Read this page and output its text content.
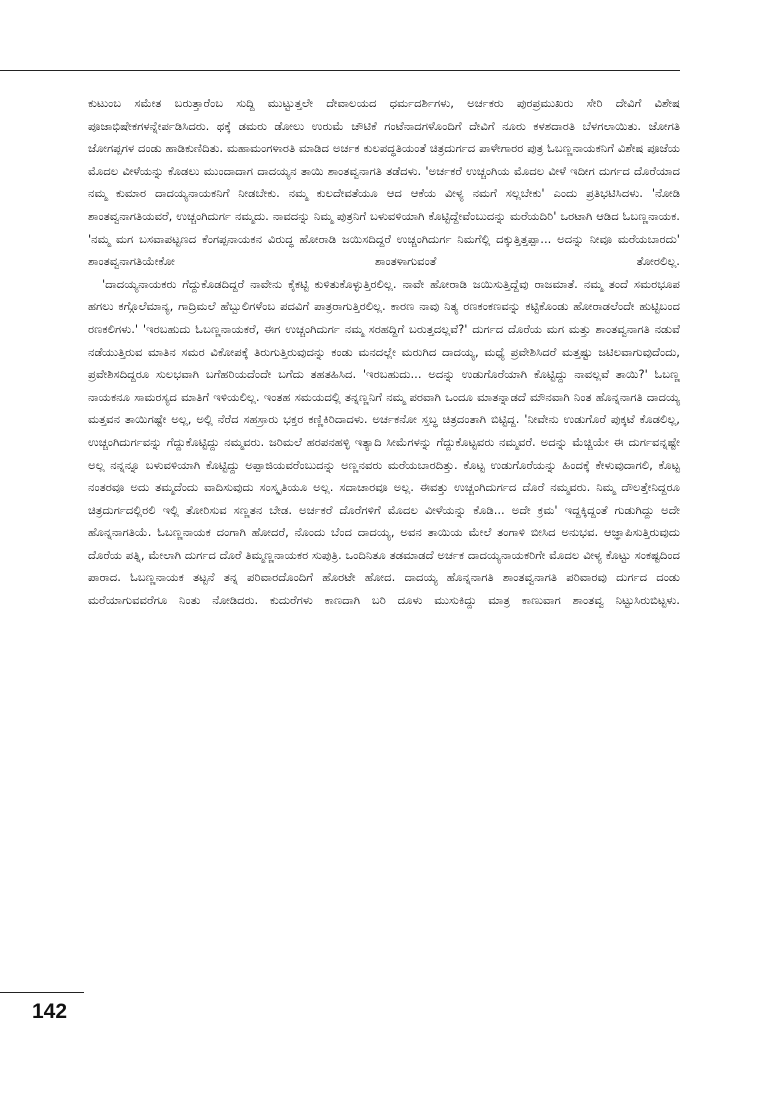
ಕುಟುಂಬ ಸಮೇತ ಬರುತ್ತಾರೆಂಬ ಸುದ್ದಿ ಮುಟ್ಟುತ್ತಲೇ ದೇವಾಲಯದ ಧರ್ಮದರ್ಶಿಗಳು, ಅರ್ಚಕರು ಪುರಪ್ರಮುಖರು ಸೇರಿ ದೇವಿಗೆ ವಿಶೇಷ ಪೂಜಾಭಿಷೇಕಗಳನ್ನೇರ್ಪಡಿಸಿದರು. ಥಕ್ಕೆ ಡಮರು ಡೋಲು ಉರುಮೆ ಚೌಟಿಕೆ ಗಂಟೆನಾದಗಳೊಂದಿಗೆ ದೇವಿಗೆ ನೂರು ಕಳಶದಾರತಿ ಬೆಳಗಲಾಯಿತು. ಜೋಗತಿ ಜೋಗಪ್ಪಗಳ ದಂಡು ಹಾಡಿಕುಣಿದಿತು. ಮಹಾಮಂಗಳಾರತಿ ಮಾಡಿದ ಅರ್ಚಕ ಕುಲಪದ್ಧತಿಯಂತೆ ಚಿತ್ರದುರ್ಗದ ಪಾಳೇಗಾರರ ಪುತ್ರ ಓಬಣ್ಣನಾಯಕನಿಗೆ ವಿಶೇಷ ಪೂಜೆಯ ಮೊದಲ ವೀಳೆಯನ್ನು ಕೊಡಲು ಮುಂದಾದಾಗ ದಾದಯ್ಯನ ತಾಯಿ ಶಾಂತವ್ವನಾಗತಿ ತಡೆದಳು. 'ಅರ್ಚಕರೆ ಉಚ್ಚಂಗಿಯ ಮೊದಲ ವೀಳೆ ಇದೀಗ ದುರ್ಗದ ದೊರೆಯಾದ ನಮ್ಮ ಕುಮಾರ ದಾದಯ್ಯನಾಯಕನಿಗೆ ನೀಡಬೇಕು. ನಮ್ಮ ಕುಲದೇವತೆಯೂ ಆದ ಆಕೆಯ ವೀಳ್ಯ ನಮಗೆ ಸಲ್ಲಬೇಕು' ಎಂದು ಪ್ರತಿಭಟಿಸಿದಳು. 'ನೋಡಿ ಶಾಂತವ್ವನಾಗತಿಯವರೆ, ಉಚ್ಚಂಗಿದುರ್ಗ ನಮ್ಮದು. ನಾವದನ್ನು ನಿಮ್ಮ ಪುತ್ರನಿಗೆ ಬಳುವಳಿಯಾಗಿ ಕೊಟ್ಟಿದ್ದೇವೆಂಬುದನ್ನು ಮರೆಯದಿರಿ' ಒರಟಾಗಿ ಆಡಿದ ಓಬಣ್ಣನಾಯಕ. 'ನಮ್ಮ ಮಗ ಬಸವಾಪಟ್ಟಣದ ಕೆಂಗಪ್ಪನಾಯಕನ ವಿರುದ್ಧ ಹೋರಾಡಿ ಜಯಿಸದಿದ್ದರೆ ಉಚ್ಚಂಗಿದುರ್ಗ ನಿಮಗೆಲ್ಲಿ ದಕ್ಕುತ್ತಿತ್ತಪ್ಪಾ... ಅದನ್ನು ನೀವೂ ಮರೆಯಬಾರದು' ಶಾಂತವ್ವನಾಗತಿಯೇಕೋ ಶಾಂತಳಾಗುವಂತೆ ತೋರಲಿಲ್ಲ.

'ದಾದಯ್ಯನಾಯಕರು ಗೆದ್ದುಕೊಡದಿದ್ದರೆ ನಾವೇನು ಕೈಕಟ್ಟಿ ಕುಳಿತುಕೊಳ್ಳುತ್ತಿರಲಿಲ್ಲ. ನಾವೇ ಹೋರಾಡಿ ಜಯಿಸುತ್ತಿದ್ದೆವು ರಾಜಮಾತೆ. ನಮ್ಮ ತಂದೆ ಸಮರಭೂಪ ಹಗಲು ಕಗ್ಗೊಲೆಮಾನ್ಯ, ಗಾದ್ರಿಮಲೆ ಹೆಬ್ಬುಲಿಗಳೆಂಬ ಪದವಿಗೆ ಪಾತ್ರರಾಗುತ್ತಿರಲಿಲ್ಲ. ಕಾರಣ ನಾವು ನಿತ್ಯ ರಣಕಂಕಣವನ್ನು ಕಟ್ಟಿಕೊಂಡು ಹೋರಾಡಲೆಂದೇ ಹುಟ್ಟಿಬಂದ ರಣಕಲಿಗಳು.' 'ಇರಬಹುದು ಓಬಣ್ಣನಾಯಕರೆ, ಈಗ ಉಚ್ಚಂಗಿದುರ್ಗ ನಮ್ಮ ಸರಹದ್ದಿಗೆ ಬರುತ್ತದಲ್ಲವೆ?' ದುರ್ಗದ ದೊರೆಯ ಮಗ ಮತ್ತು ಶಾಂತವ್ವನಾಗತಿ ನಡುವೆ ನಡೆಯುತ್ತಿರುವ ಮಾತಿನ ಸಮರ ವಿಕೋಪಕ್ಕೆ ತಿರುಗುತ್ತಿರುವುದನ್ನು ಕಂಡು ಮನದಲ್ಲೇ ಮರುಗಿದ ದಾದಯ್ಯ, ಮಧ್ಯೆ ಪ್ರವೇಶಿಸಿದರೆ ಮತ್ತಷ್ಟು ಜಟಿಲವಾಗುವುದೆಂದು, ಪ್ರವೇಶಿಸದಿದ್ದರೂ ಸುಲಭವಾಗಿ ಬಗೆಹರಿಯದೆಂದೇ ಬಗೆದು ತಹತಹಿಸಿದ. 'ಇರಬಹುದು... ಅದನ್ನು ಉಡುಗೊರೆಯಾಗಿ ಕೊಟ್ಟಿದ್ದು ನಾವಲ್ಲವೆ ತಾಯಿ?' ಓಬಣ್ಣ ನಾಯಕನೂ ಸಾಮರಸ್ಯದ ಮಾತಿಗೆ ಇಳಿಯಲಿಲ್ಲ. ಇಂತಹ ಸಮಯದಲ್ಲಿ ತನ್ನಣ್ಣನಿಗೆ ನಮ್ಮ ಪರವಾಗಿ ಒಂದೂ ಮಾತನ್ನಾಡದೆ ಮೌನವಾಗಿ ನಿಂತ ಹೊನ್ನನಾಗತಿ ದಾದಯ್ಯ ಮತ್ತವನ ತಾಯಿಗಷ್ಟೇ ಅಲ್ಲ, ಅಲ್ಲಿ ನೆರೆದ ಸಹಸ್ರಾರು ಭಕ್ತರ ಕಣ್ಣಿಕಿರಿದಾದಳು. ಅರ್ಚಕನೋ ಸ್ತಬ್ಧ ಚಿತ್ರದಂತಾಗಿ ಬಿಟ್ಟಿದ್ದ. 'ನೀವೇನು ಉಡುಗೊರೆ ಪುಕ್ಕಟೆ ಕೊಡಲಿಲ್ಲ, ಉಚ್ಚಂಗಿದುರ್ಗವನ್ನು ಗೆದ್ದುಕೊಟ್ಟಿದ್ದು ನಮ್ಮವರು. ಜರಿಮಲೆ ಹರಪನಹಳ್ಳಿ ಇತ್ಯಾದಿ ಸೀಮೆಗಳನ್ನು ಗೆದ್ದುಕೊಟ್ಟವರು ನಮ್ಮವರೆ. ಅದನ್ನು ಮೆಚ್ಚಿಯೇ ಈ ದುರ್ಗವನ್ನಷ್ಟೇ ಅಲ್ಲ ನನ್ನನ್ನೂ ಬಳುವಳಿಯಾಗಿ ಕೊಟ್ಟಿದ್ದು ಅಪ್ಪಾಜಿಯವರೆಂಬುದನ್ನು ಅಣ್ಣನವರು ಮರೆಯಬಾರದಿತ್ತು. ಕೊಟ್ಟ ಉಡುಗೊರೆಯನ್ನು ಹಿಂದಕ್ಕೆ ಕೇಳುವುದಾಗಲಿ, ಕೊಟ್ಟ ನಂತರವೂ ಅದು ತಮ್ಮದೆಂದು ವಾದಿಸುವುದು ಸಂಸ್ಕೃತಿಯೂ ಅಲ್ಲ. ಸದಾಚಾರವೂ ಅಲ್ಲ. ಈವತ್ತು ಉಚ್ಚಂಗಿದುರ್ಗದ ದೊರೆ ನಮ್ಮವರು. ನಿಮ್ಮ ದೌಲತ್ತೇನಿದ್ದರೂ ಚಿತ್ರದುರ್ಗದಲ್ಲಿರಲಿ ಇಲ್ಲಿ ತೋರಿಸುವ ಸಣ್ಣತನ ಬೇಡ. ಅರ್ಚಕರೆ ದೊರೆಗಳಿಗೆ ಮೊದಲ ವೀಳೆಯನ್ನು ಕೊಡಿ... ಅದೇ ಕ್ರಮ' ಇದ್ದಕ್ಕಿದ್ದಂತೆ ಗುಡುಗಿದ್ದು ಅದೇ ಹೊನ್ನನಾಗತಿಯೆ. ಓಬಣ್ಣನಾಯಕ ದಂಗಾಗಿ ಹೋದರೆ, ನೊಂದು ಬೆಂದ ದಾದಯ್ಯ, ಅವನ ತಾಯಿಯ ಮೇಲೆ ತಂಗಾಳಿ ಬೀಸಿದ ಅನುಭವ. ಆಜ್ಞಾಪಿಸುತ್ತಿರುವುದು ದೊರೆಯ ಪತ್ನಿ, ಮೇಲಾಗಿ ದುರ್ಗದ ದೊರೆ ತಿಮ್ಮಣ್ಣನಾಯಕರ ಸುಪುತ್ರಿ. ಒಂದಿನಿತೂ ತಡಮಾಡದೆ ಅರ್ಚಕ ದಾದಯ್ಯನಾಯಕರಿಗೇ ಮೊದಲ ವೀಳ್ಯ ಕೊಟ್ಟು ಸಂಕಷ್ಟದಿಂದ ಪಾರಾದ. ಓಬಣ್ಣನಾಯಕ ತಟ್ಟನೆ ತನ್ನ ಪರಿವಾರದೊಂದಿಗೆ ಹೊರಟೇ ಹೋದ. ದಾದಯ್ಯ ಹೊನ್ನನಾಗತಿ ಶಾಂತವ್ವನಾಗತಿ ಪರಿವಾರವು ದುರ್ಗದ ದಂಡು ಮರೆಯಾಗುವವರೆಗೂ ನಿಂತು ನೋಡಿದರು. ಕುದುರೆಗಳು ಕಾಣದಾಗಿ ಬರಿ ದೂಳು ಮುಸುಕಿದ್ದು ಮಾತ್ರ ಕಾಣುವಾಗ ಶಾಂತವ್ವ ನಿಟ್ಟುಸಿರುಬಿಟ್ಟಳು.

142
